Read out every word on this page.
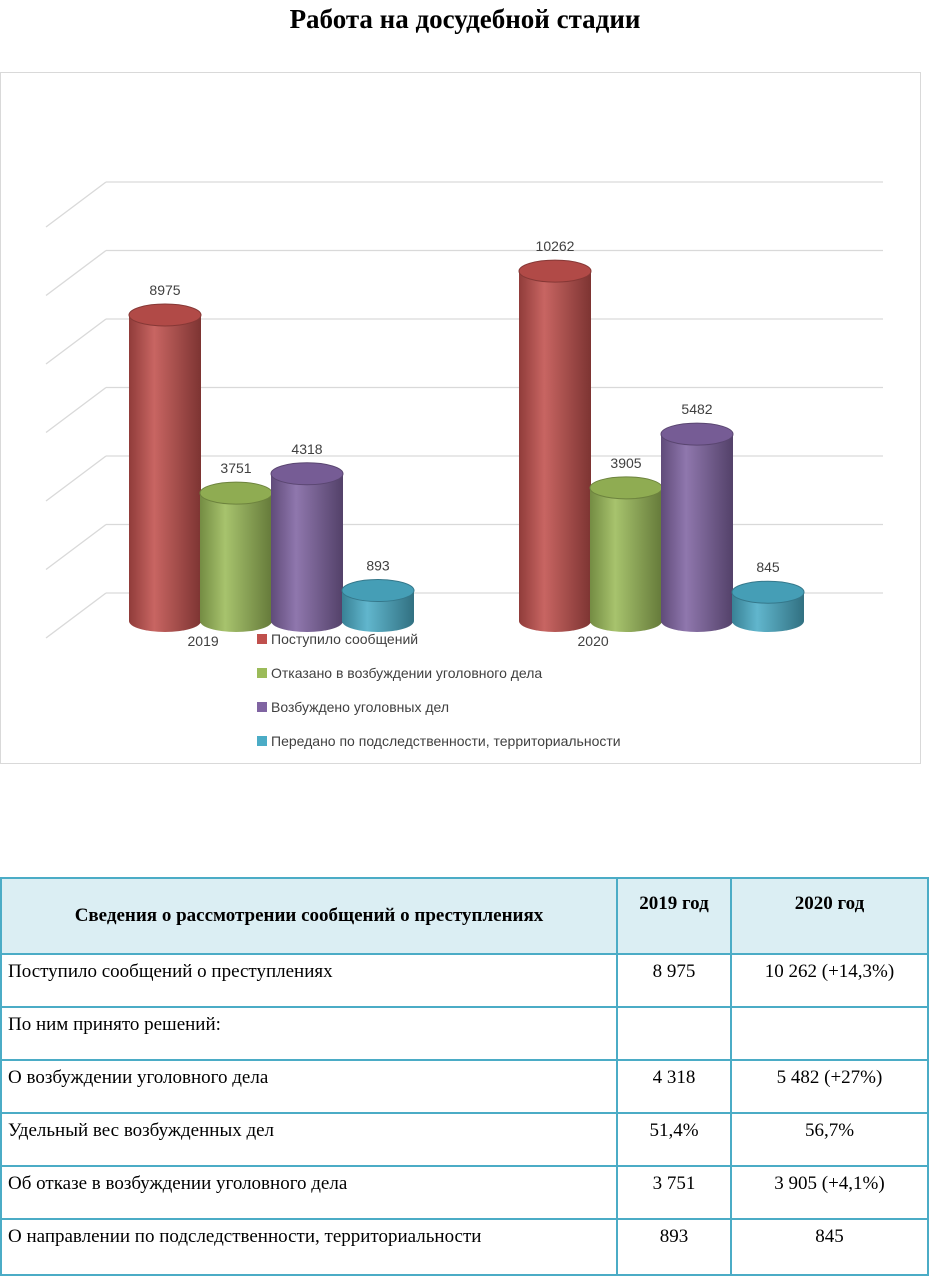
Работа на досудебной стадии
8975
3751
4318
893
2019
10262
3905
5482
845
2020
Поступило сообщений
Отказано в возбуждении уголовного дела
Возбуждено уголовных дел
Передано по подследственности, территориальности
Сведения о рассмотрении сообщений о преступлениях	2019 год	2020 год
Поступило сообщений о преступлениях	8 975	10 262 (+14,3%)
По ним принято решений:		
О возбуждении уголовного дела	4 318	5 482 (+27%)
Удельный вес возбужденных дел	51,4%	56,7%
Об отказе в возбуждении уголовного дела	3 751	3 905 (+4,1%)
О направлении по подследственности, территориальности	893	845
